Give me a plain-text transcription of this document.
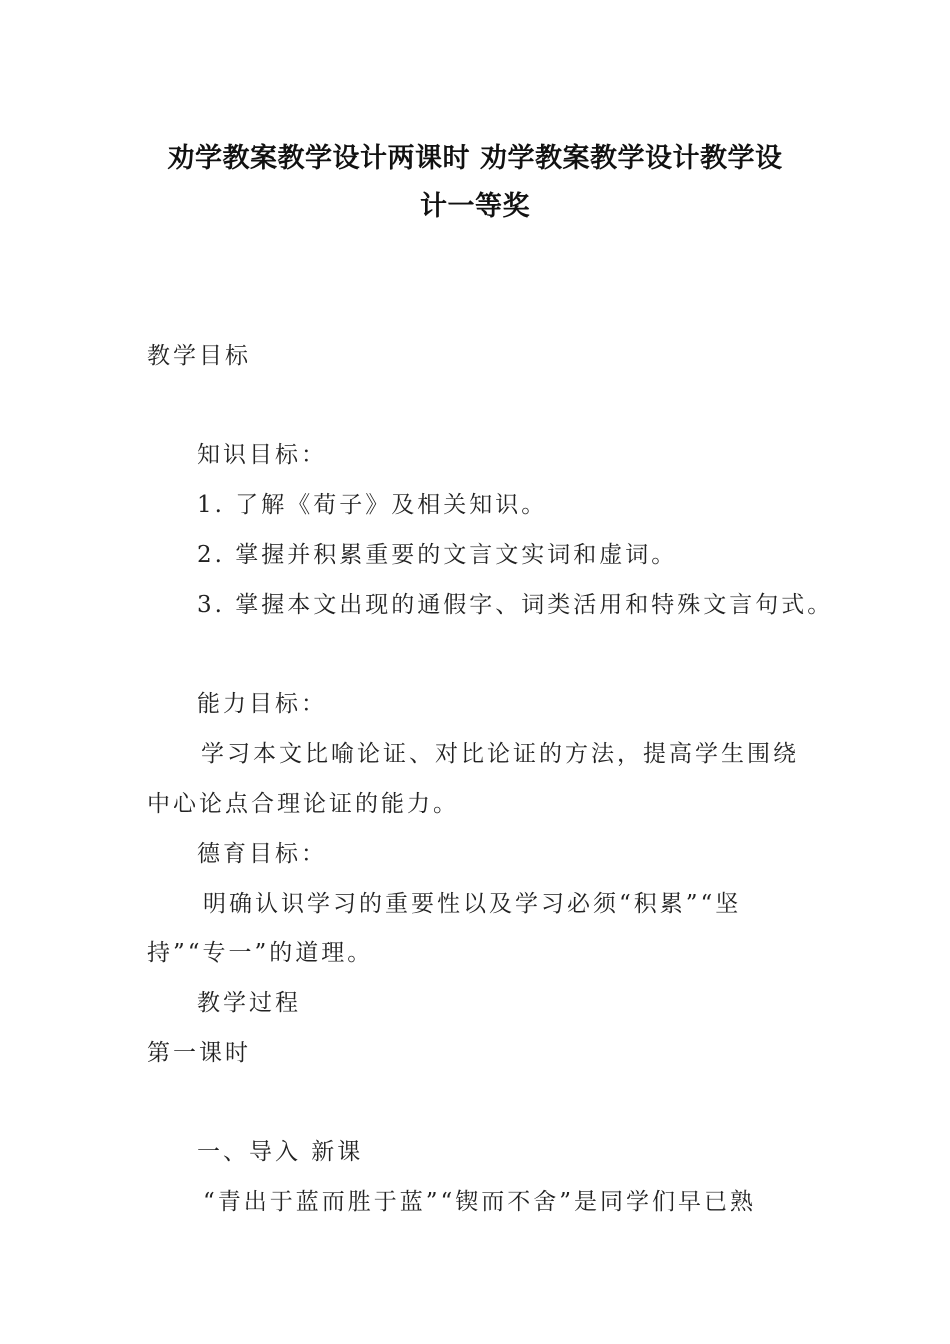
劝学教案教学设计两课时 劝学教案教学设计教学设
计一等奖
教学目标
知识目标：
1. 了解《荀子》及相关知识。
2. 掌握并积累重要的文言文实词和虚词。
3. 掌握本文出现的通假字、词类活用和特殊文言句式。
能力目标：
学习本文比喻论证、对比论证的方法，提高学生围绕
中心论点合理论证的能力。
德育目标：
明确认识学习的重要性以及学习必须“积累”“坚
持”“专一”的道理。
教学过程
第一课时
一、导入 新课
“青出于蓝而胜于蓝”“锲而不舍”是同学们早已熟
